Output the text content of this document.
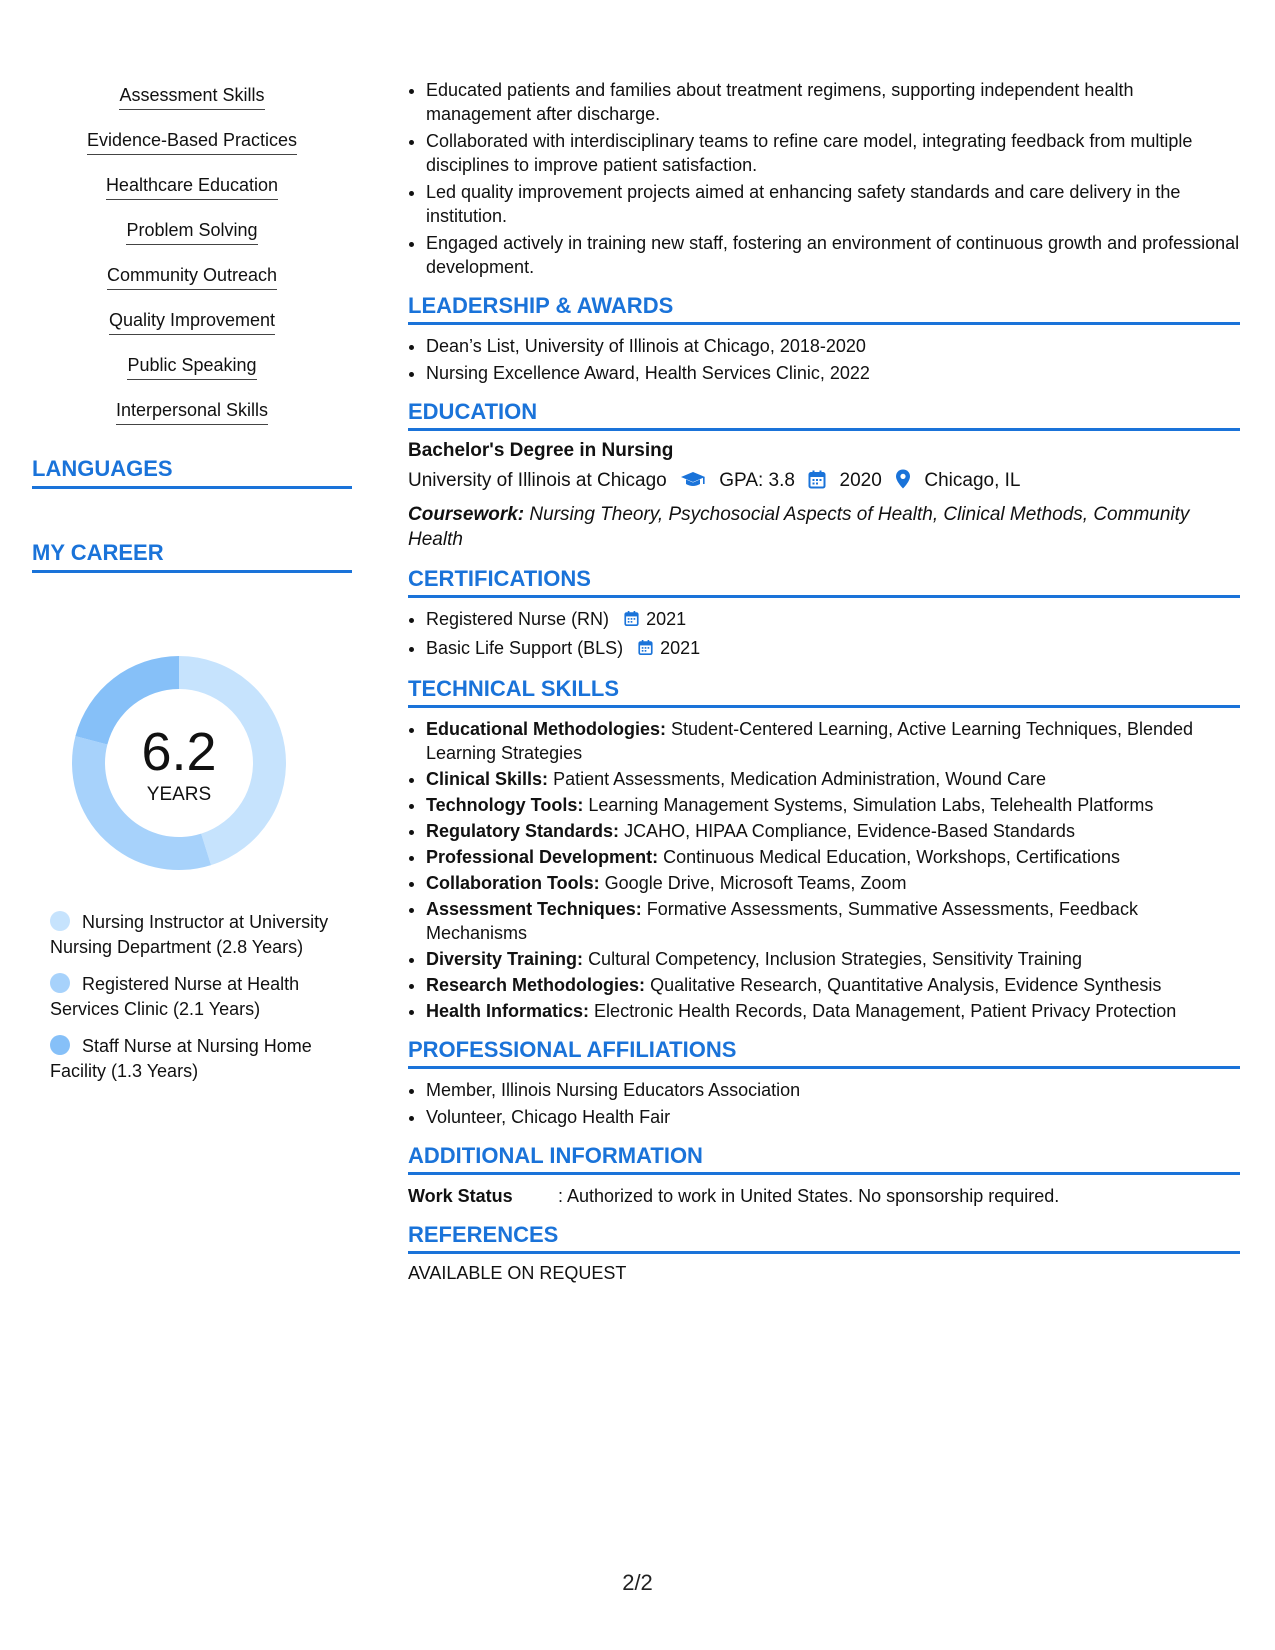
Assessment Skills
Evidence-Based Practices
Healthcare Education
Problem Solving
Community Outreach
Quality Improvement
Public Speaking
Interpersonal Skills
LANGUAGES
MY CAREER
6.2
YEARS
Nursing Instructor at University Nursing Department (2.8 Years)
Registered Nurse at Health Services Clinic (2.1 Years)
Staff Nurse at Nursing Home Facility (1.3 Years)
• Educated patients and families about treatment regimens, supporting independent health management after discharge.
• Collaborated with interdisciplinary teams to refine care model, integrating feedback from multiple disciplines to improve patient satisfaction.
• Led quality improvement projects aimed at enhancing safety standards and care delivery in the institution.
• Engaged actively in training new staff, fostering an environment of continuous growth and professional development.
LEADERSHIP & AWARDS
• Dean’s List, University of Illinois at Chicago, 2018-2020
• Nursing Excellence Award, Health Services Clinic, 2022
EDUCATION
Bachelor's Degree in Nursing
University of Illinois at Chicago	GPA: 3.8 2020 Chicago, IL
Coursework: Nursing Theory, Psychosocial Aspects of Health, Clinical Methods, Community Health
CERTIFICATIONS
• Registered Nurse (RN) 2021
• Basic Life Support (BLS) 2021
TECHNICAL SKILLS
• Educational Methodologies: Student-Centered Learning, Active Learning Techniques, Blended Learning Strategies
• Clinical Skills: Patient Assessments, Medication Administration, Wound Care
• Technology Tools: Learning Management Systems, Simulation Labs, Telehealth Platforms
• Regulatory Standards: JCAHO, HIPAA Compliance, Evidence-Based Standards
• Professional Development: Continuous Medical Education, Workshops, Certifications
• Collaboration Tools: Google Drive, Microsoft Teams, Zoom
• Assessment Techniques: Formative Assessments, Summative Assessments, Feedback Mechanisms
• Diversity Training: Cultural Competency, Inclusion Strategies, Sensitivity Training
• Research Methodologies: Qualitative Research, Quantitative Analysis, Evidence Synthesis
• Health Informatics: Electronic Health Records, Data Management, Patient Privacy Protection
PROFESSIONAL AFFILIATIONS
• Member, Illinois Nursing Educators Association
• Volunteer, Chicago Health Fair
ADDITIONAL INFORMATION
Work Status	: Authorized to work in United States. No sponsorship required.
REFERENCES
AVAILABLE ON REQUEST
2/2
